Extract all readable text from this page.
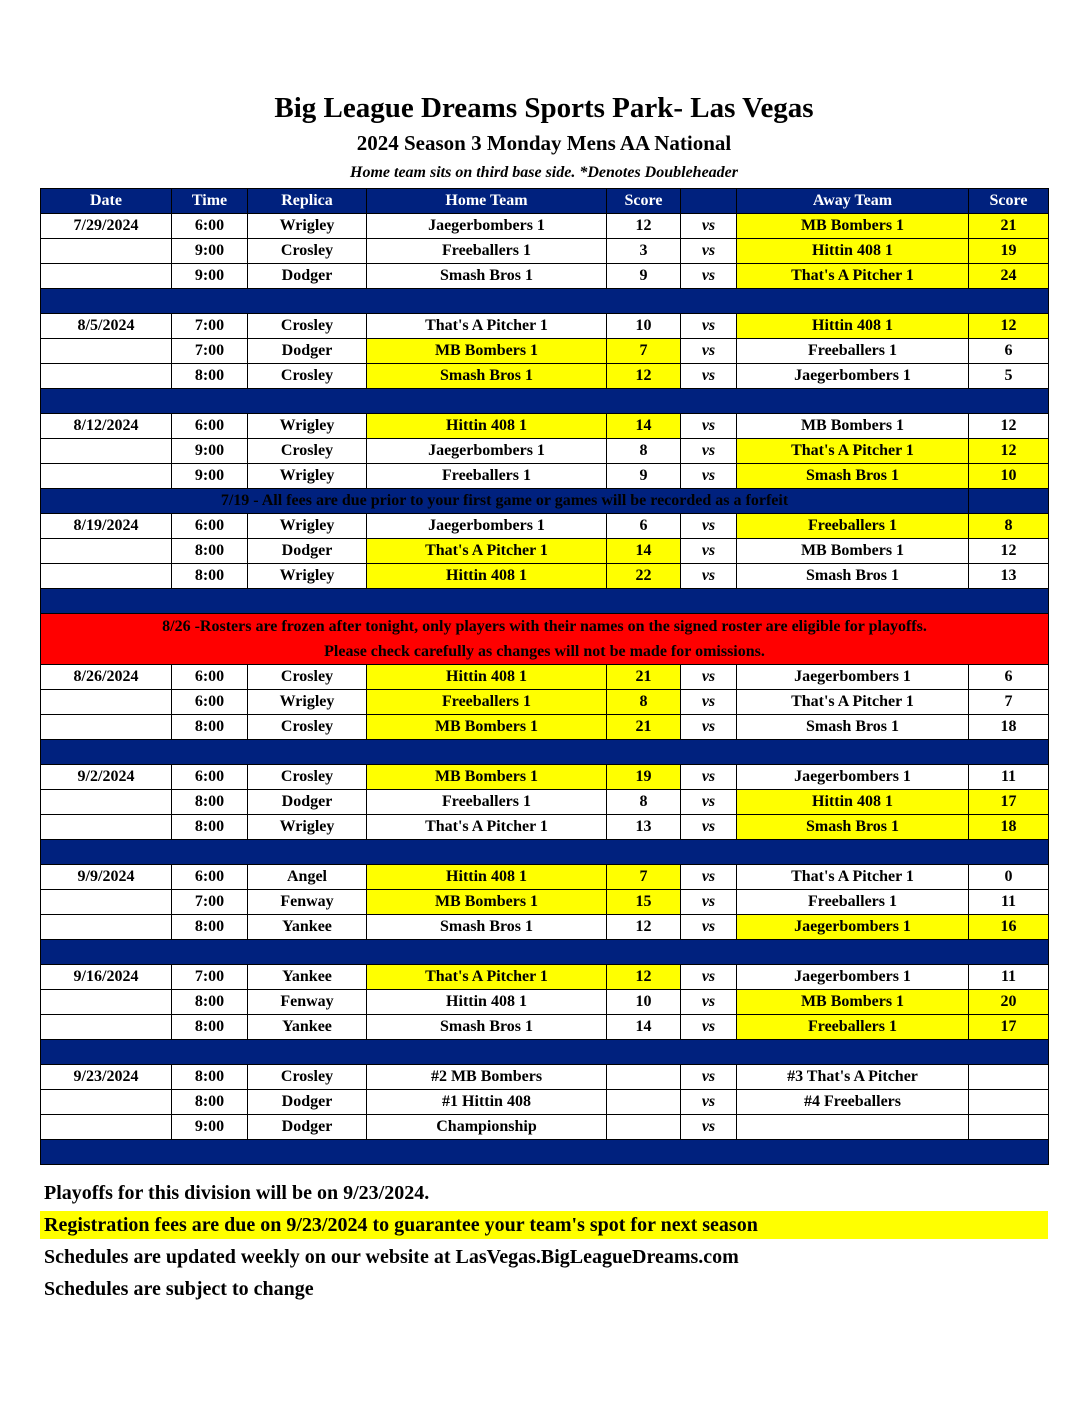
Big League Dreams Sports Park- Las Vegas
2024 Season 3 Monday Mens AA National
Home team sits on third base side. *Denotes Doubleheader
Date	Time	Replica	Home Team	Score		Away Team	Score
7/29/2024	6:00	Wrigley	Jaegerbombers 1	12	vs	MB Bombers 1	21
	9:00	Crosley	Freeballers 1	3	vs	Hittin 408 1	19
	9:00	Dodger	Smash Bros 1	9	vs	That's A Pitcher 1	24

8/5/2024	7:00	Crosley	That's A Pitcher 1	10	vs	Hittin 408 1	12
	7:00	Dodger	MB Bombers 1	7	vs	Freeballers 1	6
	8:00	Crosley	Smash Bros 1	12	vs	Jaegerbombers 1	5

8/12/2024	6:00	Wrigley	Hittin 408 1	14	vs	MB Bombers 1	12
	9:00	Crosley	Jaegerbombers 1	8	vs	That's A Pitcher 1	12
	9:00	Wrigley	Freeballers 1	9	vs	Smash Bros 1	10
7/19 - All fees are due prior to your first game or games will be recorded as a forfeit							
8/19/2024	6:00	Wrigley	Jaegerbombers 1	6	vs	Freeballers 1	8
	8:00	Dodger	That's A Pitcher 1	14	vs	MB Bombers 1	12
	8:00	Wrigley	Hittin 408 1	22	vs	Smash Bros 1	13

8/26 -Rosters are frozen after tonight, only players with their names on the signed roster are eligible for playoffs.
Please check carefully as changes will not be made for omissions.							

8/26/2024	6:00	Crosley	Hittin 408 1	21	vs	Jaegerbombers 1	6
	6:00	Wrigley	Freeballers 1	8	vs	That's A Pitcher 1	7
	8:00	Crosley	MB Bombers 1	21	vs	Smash Bros 1	18

9/2/2024	6:00	Crosley	MB Bombers 1	19	vs	Jaegerbombers 1	11
	8:00	Dodger	Freeballers 1	8	vs	Hittin 408 1	17
	8:00	Wrigley	That's A Pitcher 1	13	vs	Smash Bros 1	18

9/9/2024	6:00	Angel	Hittin 408 1	7	vs	That's A Pitcher 1	0
	7:00	Fenway	MB Bombers 1	15	vs	Freeballers 1	11
	8:00	Yankee	Smash Bros 1	12	vs	Jaegerbombers 1	16

9/16/2024	7:00	Yankee	That's A Pitcher 1	12	vs	Jaegerbombers 1	11
	8:00	Fenway	Hittin 408 1	10	vs	MB Bombers 1	20
	8:00	Yankee	Smash Bros 1	14	vs	Freeballers 1	17

9/23/2024	8:00	Crosley	#2 MB Bombers		vs	#3 That's A Pitcher	
	8:00	Dodger	#1 Hittin 408		vs	#4 Freeballers	
	9:00	Dodger	Championship		vs		

Playoffs for this division will be on 9/23/2024.
Registration fees are due on 9/23/2024 to guarantee your team's spot for next season
Schedules are updated weekly on our website at LasVegas.BigLeagueDreams.com
Schedules are subject to change
